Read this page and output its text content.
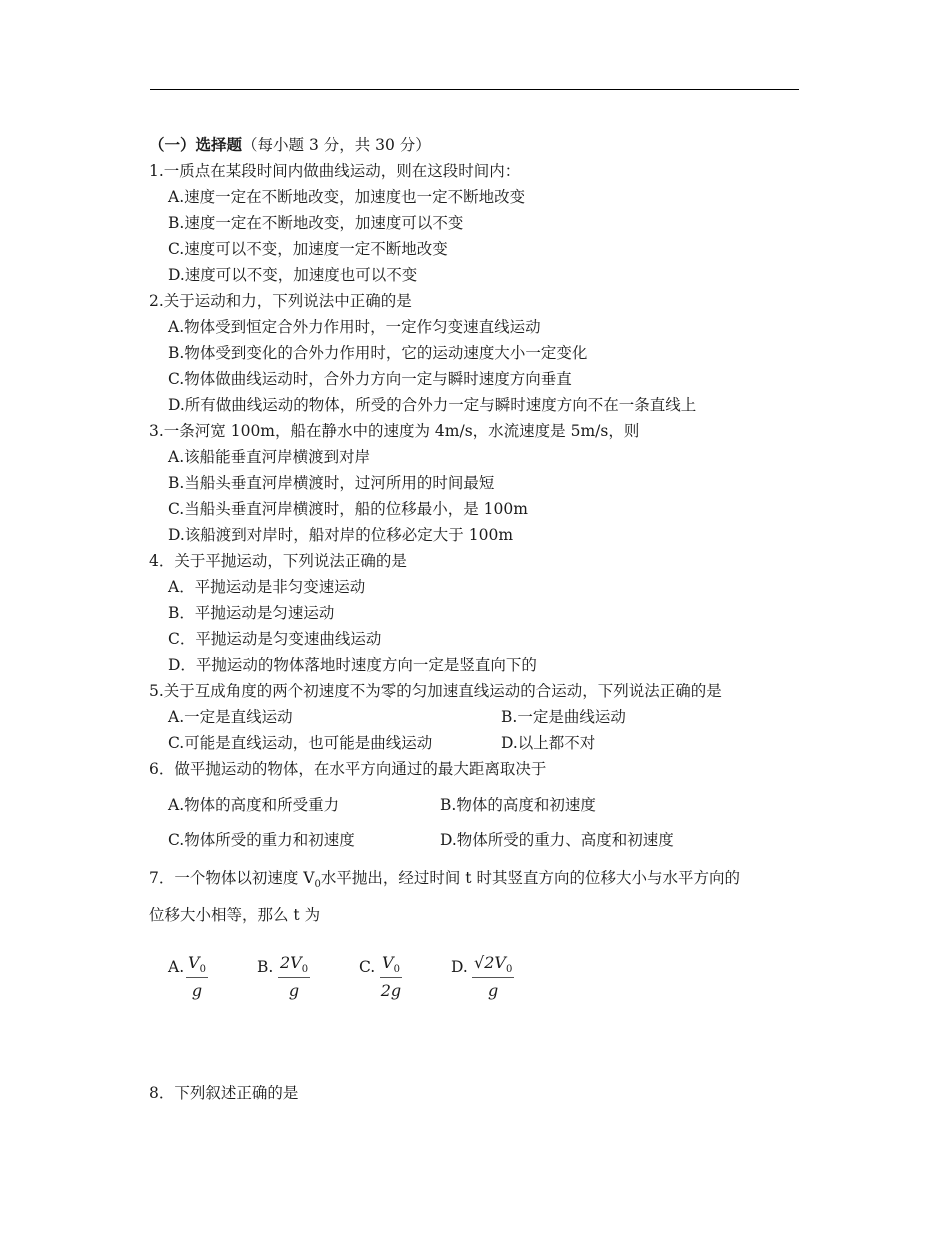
（一）选择题（每小题 3 分，共 30 分）
1.一质点在某段时间内做曲线运动，则在这段时间内：
A.速度一定在不断地改变，加速度也一定不断地改变
B.速度一定在不断地改变，加速度可以不变
C.速度可以不变，加速度一定不断地改变
D.速度可以不变，加速度也可以不变
2.关于运动和力，下列说法中正确的是
A.物体受到恒定合外力作用时，一定作匀变速直线运动
B.物体受到变化的合外力作用时，它的运动速度大小一定变化
C.物体做曲线运动时，合外力方向一定与瞬时速度方向垂直
D.所有做曲线运动的物体，所受的合外力一定与瞬时速度方向不在一条直线上
3.一条河宽 100m，船在静水中的速度为 4m/s，水流速度是 5m/s，则
A.该船能垂直河岸横渡到对岸
B.当船头垂直河岸横渡时，过河所用的时间最短
C.当船头垂直河岸横渡时，船的位移最小，是 100m
D.该船渡到对岸时，船对岸的位移必定大于 100m
4．关于平抛运动，下列说法正确的是
A．平抛运动是非匀变速运动
B．平抛运动是匀速运动
C．平抛运动是匀变速曲线运动
D．平抛运动的物体落地时速度方向一定是竖直向下的
5.关于互成角度的两个初速度不为零的匀加速直线运动的合运动，下列说法正确的是
A.一定是直线运动	B.一定是曲线运动
C.可能是直线运动，也可能是曲线运动	D.以上都不对
6．做平抛运动的物体，在水平方向通过的最大距离取决于
A.物体的高度和所受重力	B.物体的高度和初速度
C.物体所受的重力和初速度	D.物体所受的重力、高度和初速度
7．一个物体以初速度 $V_0$水平抛出，经过时间 t 时其竖直方向的位移大小与水平方向的
位移大小相等，那么 t 为
A. $\frac{V_0}{g}$	B. $\frac{2V_0}{g}$	C. $\frac{V_0}{2g}$	D. $\frac{√2V_0}{g}$
8．下列叙述正确的是
